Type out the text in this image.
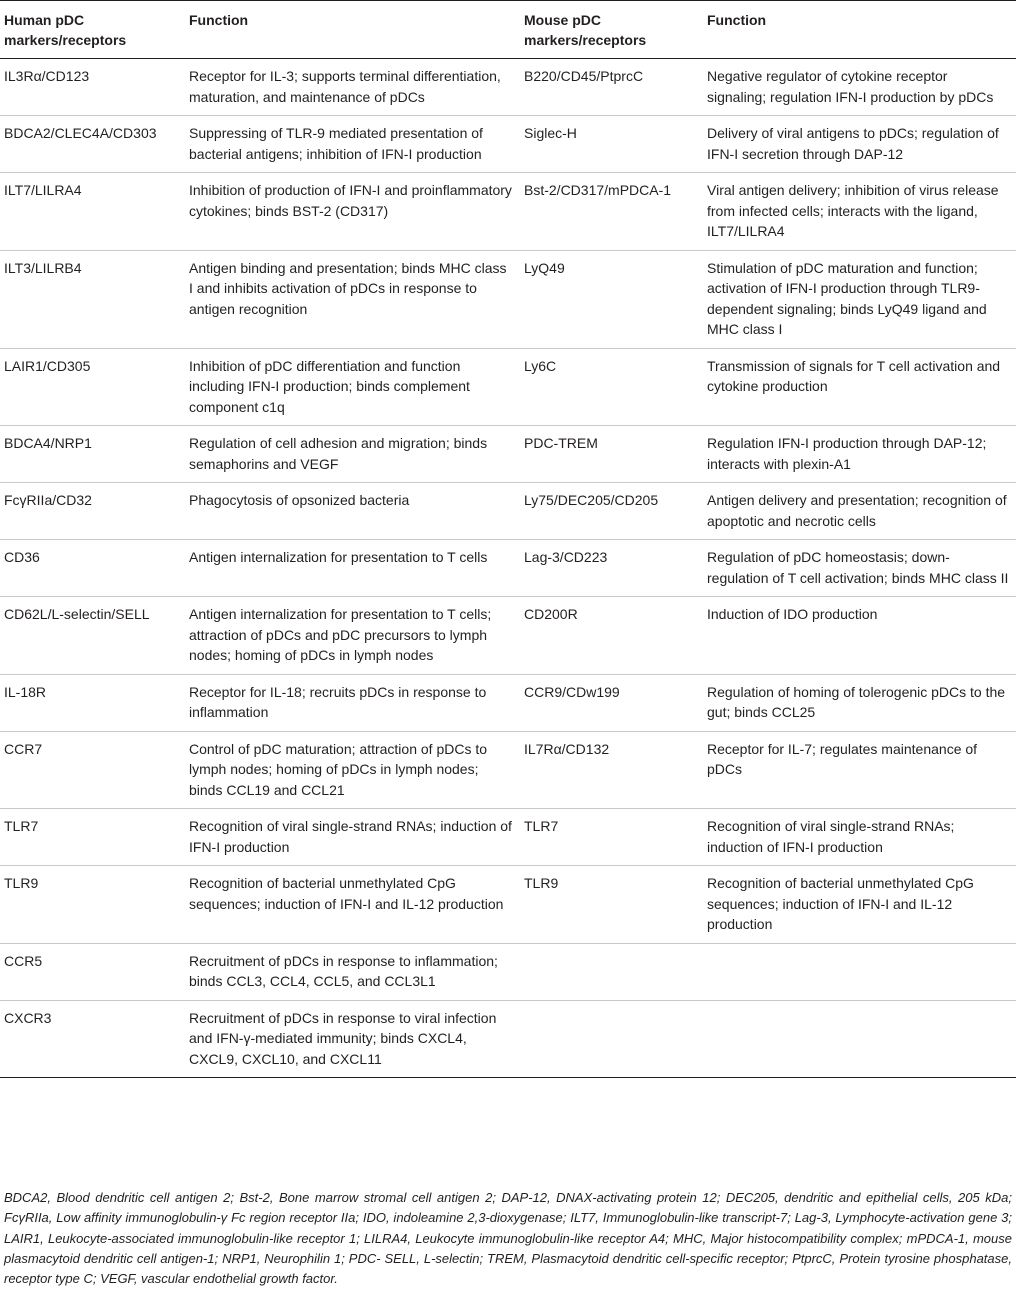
Human pDC markers/receptors	Function	Mouse pDC markers/receptors	Function
IL3Rα/CD123	Receptor for IL-3; supports terminal differentiation, maturation, and maintenance of pDCs	B220/CD45/PtprcC	Negative regulator of cytokine receptor signaling; regulation IFN-I production by pDCs
BDCA2/CLEC4A/CD303	Suppressing of TLR-9 mediated presentation of bacterial antigens; inhibition of IFN-I production	Siglec-H	Delivery of viral antigens to pDCs; regulation of IFN-I secretion through DAP-12
ILT7/LILRA4	Inhibition of production of IFN-I and proinflammatory cytokines; binds BST-2 (CD317)	Bst-2/CD317/mPDCA-1	Viral antigen delivery; inhibition of virus release from infected cells; interacts with the ligand, ILT7/LILRA4
ILT3/LILRB4	Antigen binding and presentation; binds MHC class I and inhibits activation of pDCs in response to antigen recognition	LyQ49	Stimulation of pDC maturation and function; activation of IFN-I production through TLR9-dependent signaling; binds LyQ49 ligand and MHC class I
LAIR1/CD305	Inhibition of pDC differentiation and function including IFN-I production; binds complement component c1q	Ly6C	Transmission of signals for T cell activation and cytokine production
BDCA4/NRP1	Regulation of cell adhesion and migration; binds semaphorins and VEGF	PDC-TREM	Regulation IFN-I production through DAP-12; interacts with plexin-A1
FcγRIIa/CD32	Phagocytosis of opsonized bacteria	Ly75/DEC205/CD205	Antigen delivery and presentation; recognition of apoptotic and necrotic cells
CD36	Antigen internalization for presentation to T cells	Lag-3/CD223	Regulation of pDC homeostasis; down-regulation of T cell activation; binds MHC class II
CD62L/L-selectin/SELL	Antigen internalization for presentation to T cells; attraction of pDCs and pDC precursors to lymph nodes; homing of pDCs in lymph nodes	CD200R	Induction of IDO production
IL-18R	Receptor for IL-18; recruits pDCs in response to inflammation	CCR9/CDw199	Regulation of homing of tolerogenic pDCs to the gut; binds CCL25
CCR7	Control of pDC maturation; attraction of pDCs to lymph nodes; homing of pDCs in lymph nodes; binds CCL19 and CCL21	IL7Rα/CD132	Receptor for IL-7; regulates maintenance of pDCs
TLR7	Recognition of viral single-strand RNAs; induction of IFN-I production	TLR7	Recognition of viral single-strand RNAs; induction of IFN-I production
TLR9	Recognition of bacterial unmethylated CpG sequences; induction of IFN-I and IL-12 production	TLR9	Recognition of bacterial unmethylated CpG sequences; induction of IFN-I and IL-12 production
CCR5	Recruitment of pDCs in response to inflammation; binds CCL3, CCL4, CCL5, and CCL3L1		
CXCR3	Recruitment of pDCs in response to viral infection and IFN-γ-mediated immunity; binds CXCL4, CXCL9, CXCL10, and CXCL11		
BDCA2, Blood dendritic cell antigen 2; Bst-2, Bone marrow stromal cell antigen 2; DAP-12, DNAX-activating protein 12; DEC205, dendritic and epithelial cells, 205 kDa; FcγRIIa, Low affinity immunoglobulin-γ Fc region receptor IIa; IDO, indoleamine 2,3-dioxygenase; ILT7, Immunoglobulin-like transcript-7; Lag-3, Lymphocyte-activation gene 3; LAIR1, Leukocyte-associated immunoglobulin-like receptor 1; LILRA4, Leukocyte immunoglobulin-like receptor A4; MHC, Major histocompatibility complex; mPDCA-1, mouse plasmacytoid dendritic cell antigen-1; NRP1, Neurophilin 1; PDC- SELL, L-selectin; TREM, Plasmacytoid dendritic cell-specific receptor; PtprcC, Protein tyrosine phosphatase, receptor type C; VEGF, vascular endothelial growth factor.
